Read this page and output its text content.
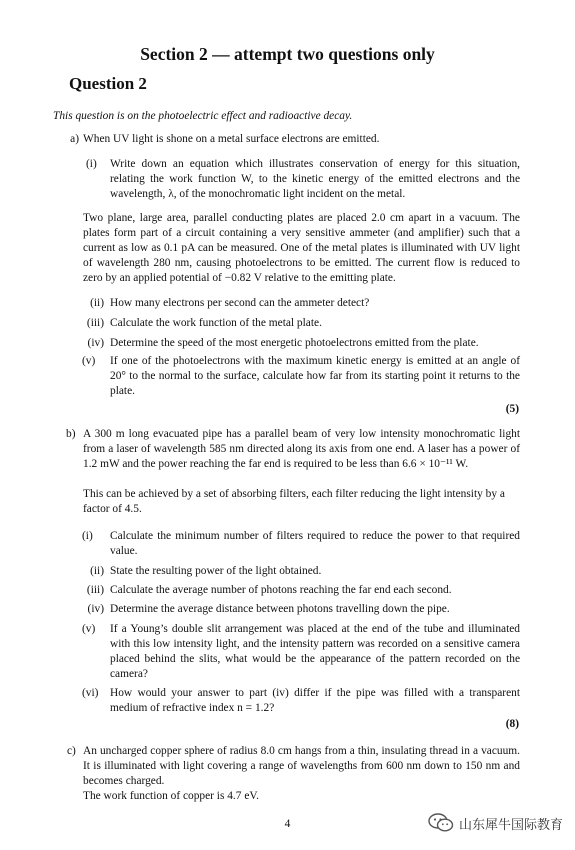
Section 2 — attempt two questions only
Question 2
This question is on the photoelectric effect and radioactive decay.
a) When UV light is shone on a metal surface electrons are emitted.
(i)	Write down an equation which illustrates conservation of energy for this situation, relating the work function W, to the kinetic energy of the emitted electrons and the wavelength, λ, of the monochromatic light incident on the metal.
Two plane, large area, parallel conducting plates are placed 2.0 cm apart in a vacuum. The plates form part of a circuit containing a very sensitive ammeter (and amplifier) such that a current as low as 0.1 pA can be measured. One of the metal plates is illuminated with UV light of wavelength 280 nm, causing photoelectrons to be emitted. The current flow is reduced to zero by an applied potential of −0.82 V relative to the emitting plate.
(ii) How many electrons per second can the ammeter detect?
(iii) Calculate the work function of the metal plate.
(iv) Determine the speed of the most energetic photoelectrons emitted from the plate.
(v)	If one of the photoelectrons with the maximum kinetic energy is emitted at an angle of 20° to the normal to the surface, calculate how far from its starting point it returns to the plate.
(5)
b) A 300 m long evacuated pipe has a parallel beam of very low intensity monochromatic light from a laser of wavelength 585 nm directed along its axis from one end. A laser has a power of 1.2 mW and the power reaching the far end is required to be less than 6.6 × 10⁻¹¹ W.
This can be achieved by a set of absorbing filters, each filter reducing the light intensity by a factor of 4.5.
(i)	Calculate the minimum number of filters required to reduce the power to that required value.
(ii) State the resulting power of the light obtained.
(iii) Calculate the average number of photons reaching the far end each second.
(iv) Determine the average distance between photons travelling down the pipe.
(v)	If a Young’s double slit arrangement was placed at the end of the tube and illuminated with this low intensity light, and the intensity pattern was recorded on a sensitive camera placed behind the slits, what would be the appearance of the pattern recorded on the camera?
(vi)	How would your answer to part (iv) differ if the pipe was filled with a transparent medium of refractive index n = 1.2?
(8)
c) An uncharged copper sphere of radius 8.0 cm hangs from a thin, insulating thread in a vacuum. It is illuminated with light covering a range of wavelengths from 600 nm down to 150 nm and becomes charged.
The work function of copper is 4.7 eV.
4	山东犀牛国际教育
